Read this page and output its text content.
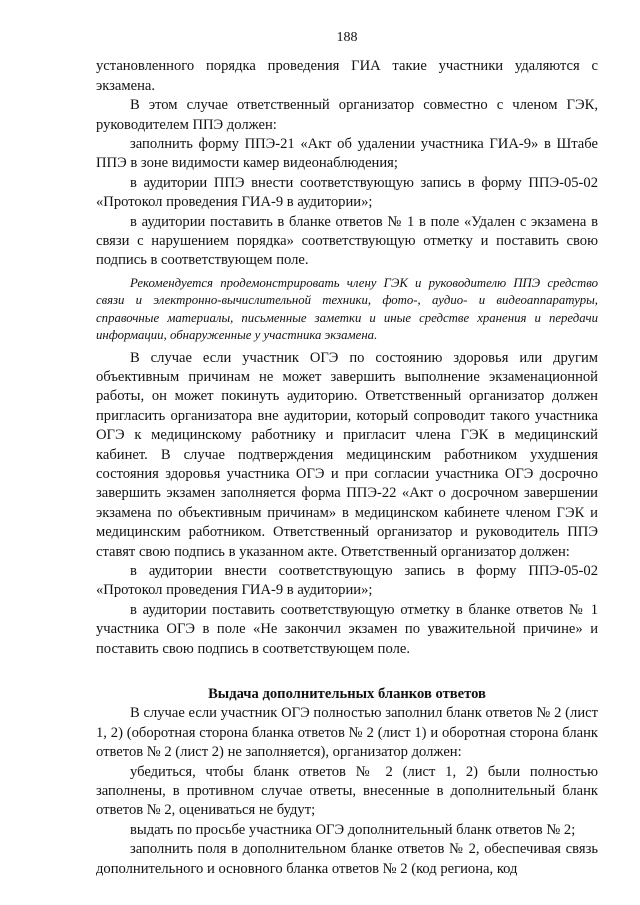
188

установленного порядка проведения ГИА такие участники удаляются с экзамена.

В этом случае ответственный организатор совместно с членом ГЭК, руководителем ППЭ должен:

заполнить форму ППЭ-21 «Акт об удалении участника ГИА-9» в Штабе ППЭ в зоне видимости камер видеонаблюдения;

в аудитории ППЭ внести соответствующую запись в форму ППЭ-05-02 «Протокол проведения ГИА-9 в аудитории»;

в аудитории поставить в бланке ответов № 1 в поле «Удален с экзамена в связи с нарушением порядка» соответствующую отметку и поставить свою подпись в соответствующем поле.

Рекомендуется продемонстрировать члену ГЭК и руководителю ППЭ средство связи и электронно-вычислительной техники, фото-, аудио- и видеоаппаратуры, справочные материалы, письменные заметки и иные средстве хранения и передачи информации, обнаруженные у участника экзамена.

В случае если участник ОГЭ по состоянию здоровья или другим объективным причинам не может завершить выполнение экзаменационной работы, он может покинуть аудиторию. Ответственный организатор должен пригласить организатора вне аудитории, который сопроводит такого участника ОГЭ к медицинскому работнику и пригласит члена ГЭК в медицинский кабинет. В случае подтверждения медицинским работником ухудшения состояния здоровья участника ОГЭ и при согласии участника ОГЭ досрочно завершить экзамен заполняется форма ППЭ-22 «Акт о досрочном завершении экзамена по объективным причинам» в медицинском кабинете членом ГЭК и медицинским работником. Ответственный организатор и руководитель ППЭ ставят свою подпись в указанном акте. Ответственный организатор должен:

в аудитории внести соответствующую запись в форму ППЭ-05-02 «Протокол проведения ГИА-9 в аудитории»;

в аудитории поставить соответствующую отметку в бланке ответов № 1 участника ОГЭ в поле «Не закончил экзамен по уважительной причине» и поставить свою подпись в соответствующем поле.

Выдача дополнительных бланков ответов

В случае если участник ОГЭ полностью заполнил бланк ответов № 2 (лист 1, 2) (оборотная сторона бланка ответов № 2 (лист 1) и оборотная сторона бланк ответов № 2 (лист 2) не заполняется), организатор должен:

убедиться, чтобы бланк ответов № 2 (лист 1, 2) были полностью заполнены, в противном случае ответы, внесенные в дополнительный бланк ответов № 2, оцениваться не будут;

выдать по просьбе участника ОГЭ дополнительный бланк ответов № 2;

заполнить поля в дополнительном бланке ответов № 2, обеспечивая связь дополнительного и основного бланка ответов № 2 (код региона, код
